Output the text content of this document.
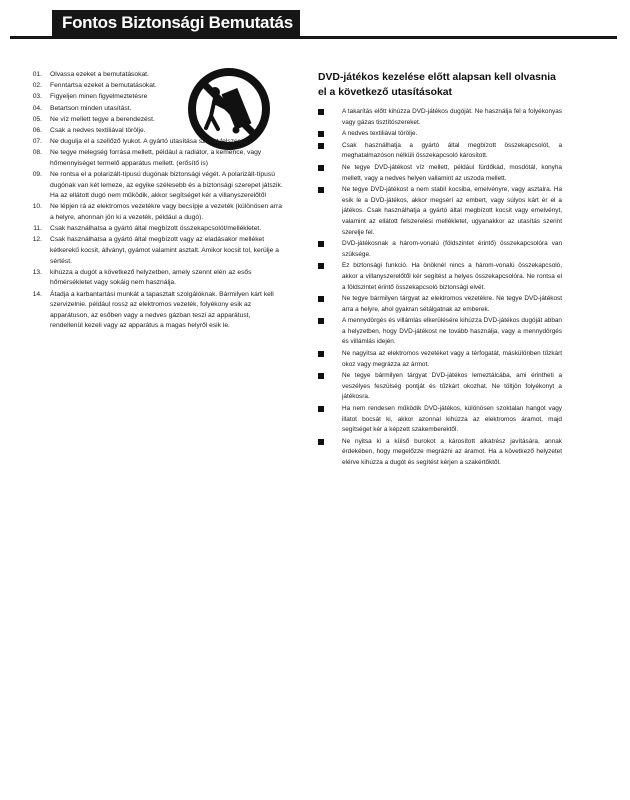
Fontos Biztonsági Bemutatás
01. Olvassa ezeket a bemutatásokat.
02. Fenntartsa ezeket a bemutatásokat.
03. Figyeljen minen figyelmeztetésre
04. Betartson minden utasítást.
05. Ne víz mellett tegye a berendezést.
06. Csak a nedves textiliával törölje.
07. Ne dugulja el a szellőző lyukot. A gyártó utasítása szerint felszerelje.
08. Ne tegye melegség forrása mellett, például a radiátor, a kemence, vagy hőmennyiséget termelő apparátus mellett. (erősítő is)
09. Ne rontsa el a polarizált-típusú dugónak biztonsági végét. A polarizált-típusú dugónak van két lemeze, az egyike szélesebb és a biztonsági szerepet játszik. Ha az ellátott dugó nem működik, akkor segítséget kér a villanyszerelőtől
10. Ne lépjen rá az elektromos vezetékre vagy becsípje a vezeték (különösen arra a helyre, ahonnan jön ki a vezeték, például a dugó).
11. Csak használhatsa a gyártó által megbízott összekapcsolót/mellékletet.
12. Csak használhatsa a gyártó által megbízott vagy az eladásakor melléket kétkerekű kocsit, állványt, gyámot valamint asztalt. Amikor kocsit tol, kerülje a sértést.
13. kihúzza a dugót a következő helyzetben, amely szennt elérı az esős hőmérsékletet vagy sokáig nem használja.
14. Átadja a karbantartási munkát a tapasztalt szolgálóknak. Bármilyen kárt kell szervizelnie. például rossz az elektromos vezeték, folyékony esik az apparátuson, az esőben vagy a nedves gázban teszi az apparátust, rendellenül kezeli vagy az apparátus a magas helyről esik le.
DVD-játékos kezelése előtt alapsan kell olvasnia el a következő utasításokat
A takarítás előtt kihúzza DVD-játékos dugóját. Ne használja fel a folyékonyas vagy gázas tisztítószereket.
A nedves textiliával törölje.
Csak használhatja a gyártó által megbízott összekapcsolót, a meghatalmazóson nélküli összekapcsoló károsított.
Ne tegye DVD-játékost víz mellett, például fürdőkád, mosdótál, konyha mellett, vagy a nedves helyen vallamint az uszoda mellett.
Ne tegye DVD-játékost a nem stabil kocsiba, emelvényre, vagy asztalra. Ha esik le a DVD-játékos, akkor megsérí az embert, vagy súlyos kárt ér el a játékos. Csak használhatja a gyártó által megbízott kocsit vagy emelvényt, valamint az ellátott felszerelési mellékletet, ugyanakkor az utasítás szerint szerelje fel.
DVD-játékosnak a három-vonalú (földszintet érintő) összekapcsolóra van szüksége.
Ez biztonsági funkció. Ha önöknél nincs a három-vonalú összekapcsoló, akkor a villanyszerelőtől kér segítést a helyes összekapcsolóra. Ne rontsa el a földszintet érintő összekapcsoló biztonsági elvét.
Ne tegye bármilyen tárgyat az elektromos vezetékre. Ne tegye DVD-játékost arra a helyre, ahol gyakran sétálgatnak az emberek.
A mennydörgés és villámlás elkerülésére kihúzza DVD-játékos dugóját abban a helyzetben, hogy DVD-játékost ne tovább használja, vagy a mennydörgés és villámlás idején.
Ne nagyítsa az elektromos vezetéket vagy a térfogatát, máskülönben tűzkárt okoz vagy megrázza az ármot.
Ne tegye bármilyen tárgyat DVD-játékos lemeztálcába, ami érintheti a veszélyes feszülség pontját és tűzkárt okozhat. Ne töltjön folyékonyt a játékosra.
Ha nem rendesen működik DVD-játékos, különösen szoktalan hangot vagy illatot bocsát ki, akkor azonnal kihúzza az elektromos áramot, majd segítséget kér a képzett szakemberektől.
Ne nyitsa ki a külső burokot a károsított alkatrész javítására, annak érdekében, hogy megelőzze megrázni az áramot. Ha a következő helyzetet elérve kihúzza a dugót és segítést kérjen a szakértőktől.
